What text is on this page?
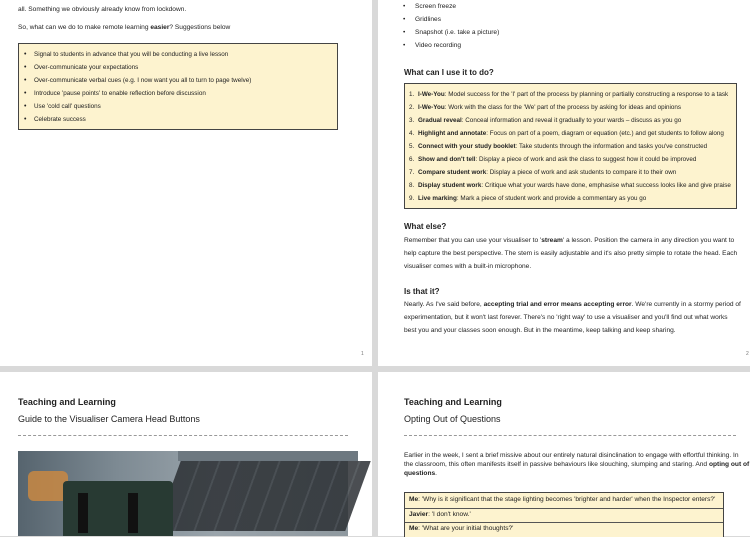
all. Something we obviously already know from lockdown.
So, what can we do to make remote learning easier? Suggestions below
• Signal to students in advance that you will be conducting a live lesson
• Over-communicate your expectations
• Over-communicate verbal cues (e.g. I now want you all to turn to page twelve)
• Introduce 'pause points' to enable reflection before discussion
• Use 'cold call' questions
• Celebrate success
1
• Screen freeze
• Gridlines
• Snapshot (i.e. take a picture)
• Video recording
What can I use it to do?
1. I-We-You: Model success for the 'I' part of the process by planning or partially constructing a response to a task
2. I-We-You: Work with the class for the 'We' part of the process by asking for ideas and opinions
3. Gradual reveal: Conceal information and reveal it gradually to your wards – discuss as you go
4. Highlight and annotate: Focus on part of a poem, diagram or equation (etc.) and get students to follow along
5. Connect with your study booklet: Take students through the information and tasks you've constructed
6. Show and don't tell: Display a piece of work and ask the class to suggest how it could be improved
7. Compare student work: Display a piece of work and ask students to compare it to their own
8. Display student work: Critique what your wards have done, emphasise what success looks like and give praise
9. Live marking: Mark a piece of student work and provide a commentary as you go
What else?
Remember that you can use your visualiser to 'stream' a lesson. Position the camera in any direction you want to
help capture the best perspective. The stem is easily adjustable and it's also pretty simple to rotate the head. Each
visualiser comes with a built-in microphone.
Is that it?
Nearly. As I've said before, accepting trial and error means accepting error. We're currently in a stormy period of
experimentation, but it won't last forever. There's no 'right way' to use a visualiser and you'll find out what works
best you and your classes soon enough. But in the meantime, keep talking and keep sharing.
2
Teaching and Learning
Guide to the Visualiser Camera Head Buttons
Teaching and Learning
Opting Out of Questions
Earlier in the week, I sent a brief missive about our entirely natural disinclination to engage with effortful thinking. In
the classroom, this often manifests itself in passive behaviours like slouching, slumping and staring. And opting out of
questions.
Me: 'Why is it significant that the stage lighting becomes 'brighter and harder' when the Inspector enters?'
Javier: 'I don't know.'
Me: 'What are your initial thoughts?'
